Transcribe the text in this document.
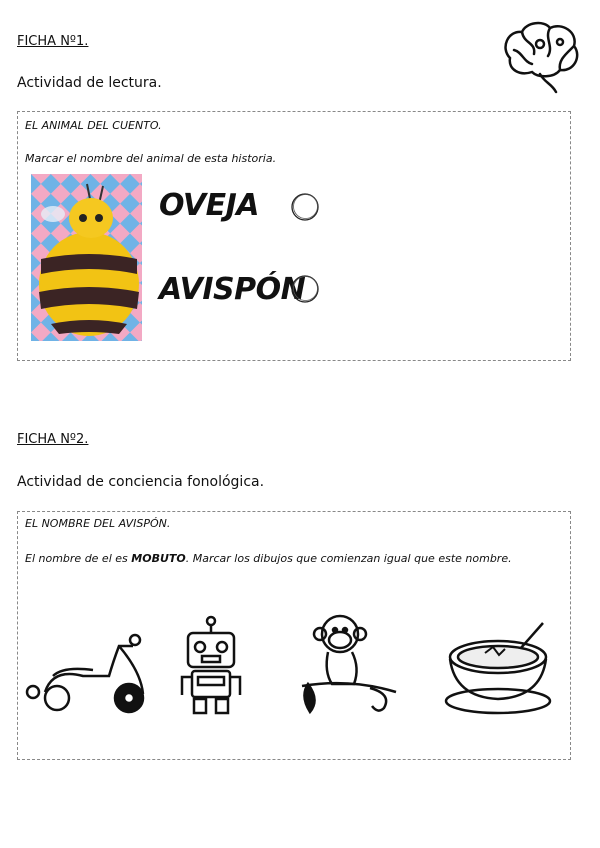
FICHA Nº1.
Actividad de lectura.
EL ANIMAL DEL CUENTO.
Marcar el nombre del animal de esta historia.
OVEJA
AVISPÓN
FICHA Nº2.
Actividad de conciencia fonológica.
EL NOMBRE DEL AVISPÓN.
El nombre de el es MOBUTO. Marcar los dibujos que comienzan igual que este nombre.
